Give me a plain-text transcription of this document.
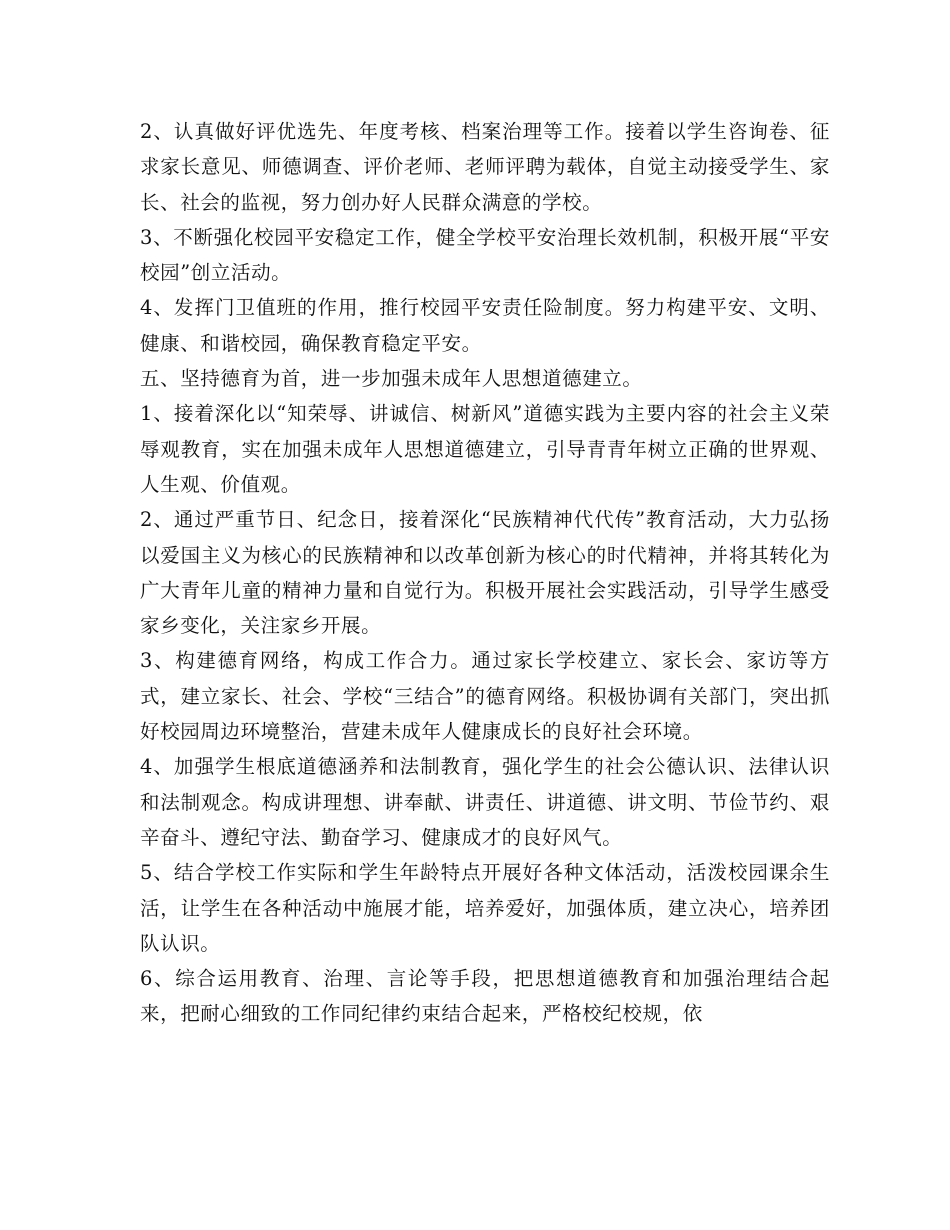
2、认真做好评优选先、年度考核、档案治理等工作。接着以学生咨询卷、征求家长意见、师德调查、评价老师、老师评聘为载体，自觉主动接受学生、家长、社会的监视，努力创办好人民群众满意的学校。

3、不断强化校园平安稳定工作，健全学校平安治理长效机制，积极开展“平安校园”创立活动。

4、发挥门卫值班的作用，推行校园平安责任险制度。努力构建平安、文明、健康、和谐校园，确保教育稳定平安。

五、坚持德育为首，进一步加强未成年人思想道德建立。

1、接着深化以“知荣辱、讲诚信、树新风”道德实践为主要内容的社会主义荣辱观教育，实在加强未成年人思想道德建立，引导青青年树立正确的世界观、人生观、价值观。

2、通过严重节日、纪念日，接着深化“民族精神代代传”教育活动，大力弘扬以爱国主义为核心的民族精神和以改革创新为核心的时代精神，并将其转化为广大青年儿童的精神力量和自觉行为。积极开展社会实践活动，引导学生感受家乡变化，关注家乡开展。

3、构建德育网络，构成工作合力。通过家长学校建立、家长会、家访等方式，建立家长、社会、学校“三结合”的德育网络。积极协调有关部门，突出抓好校园周边环境整治，营建未成年人健康成长的良好社会环境。

4、加强学生根底道德涵养和法制教育，强化学生的社会公德认识、法律认识和法制观念。构成讲理想、讲奉献、讲责任、讲道德、讲文明、节俭节约、艰辛奋斗、遵纪守法、勤奋学习、健康成才的良好风气。

5、结合学校工作实际和学生年龄特点开展好各种文体活动，活泼校园课余生活，让学生在各种活动中施展才能，培养爱好，加强体质，建立决心，培养团队认识。

6、综合运用教育、治理、言论等手段，把思想道德教育和加强治理结合起来，把耐心细致的工作同纪律约束结合起来，严格校纪校规，依
